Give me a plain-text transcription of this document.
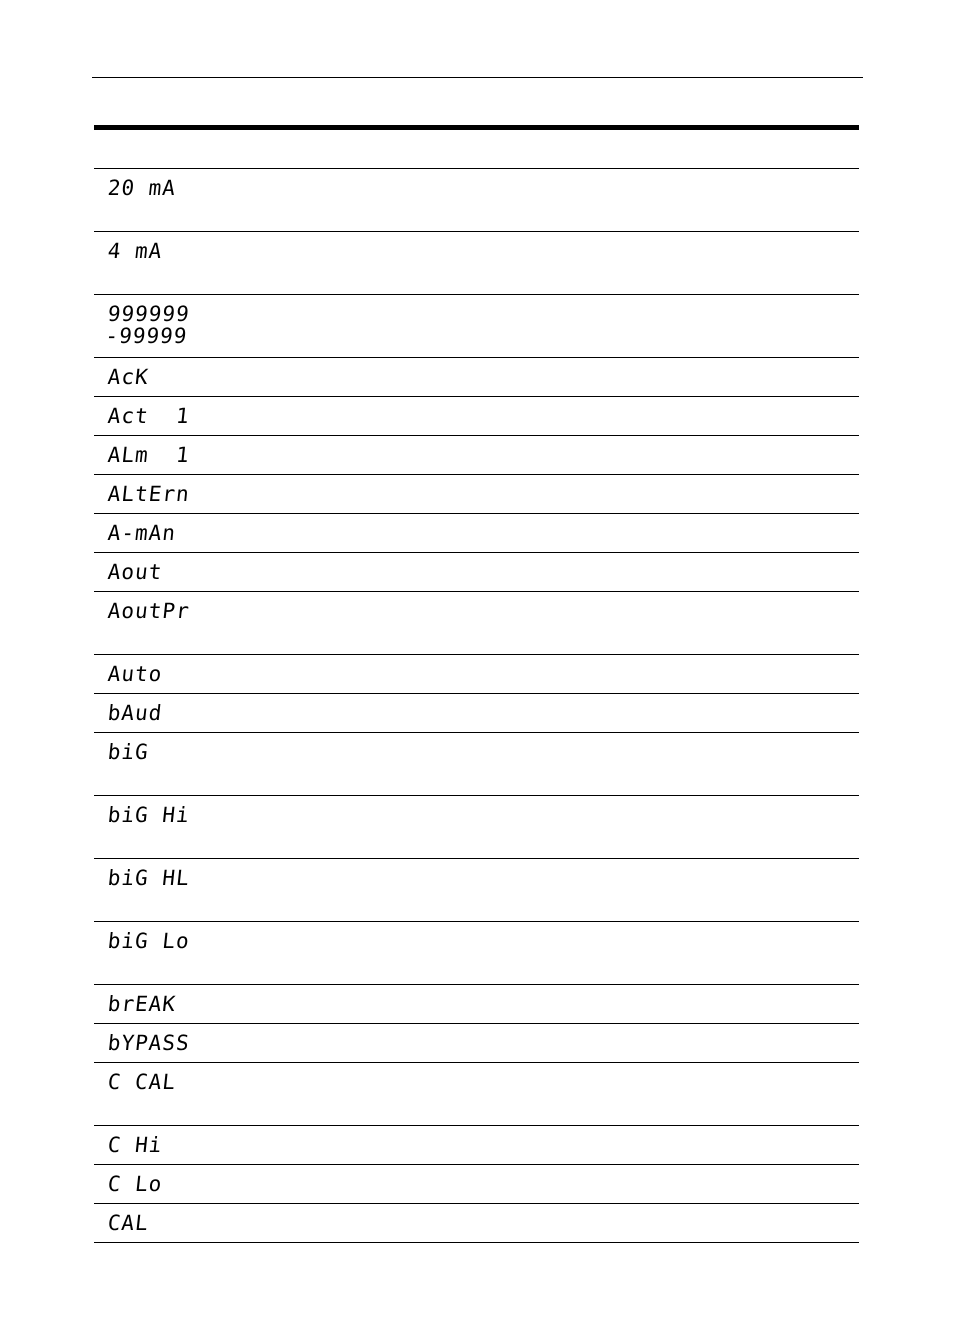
20 mA
4 mA
999999
-99999
AcK
Act  1
ALm  1
ALtErn
A-mAn
Aout
AoutPr
Auto
bAud
biG
biG Hi
biG HL
biG Lo
brEAK
bYPASS
C CAL
C Hi
C Lo
CAL
